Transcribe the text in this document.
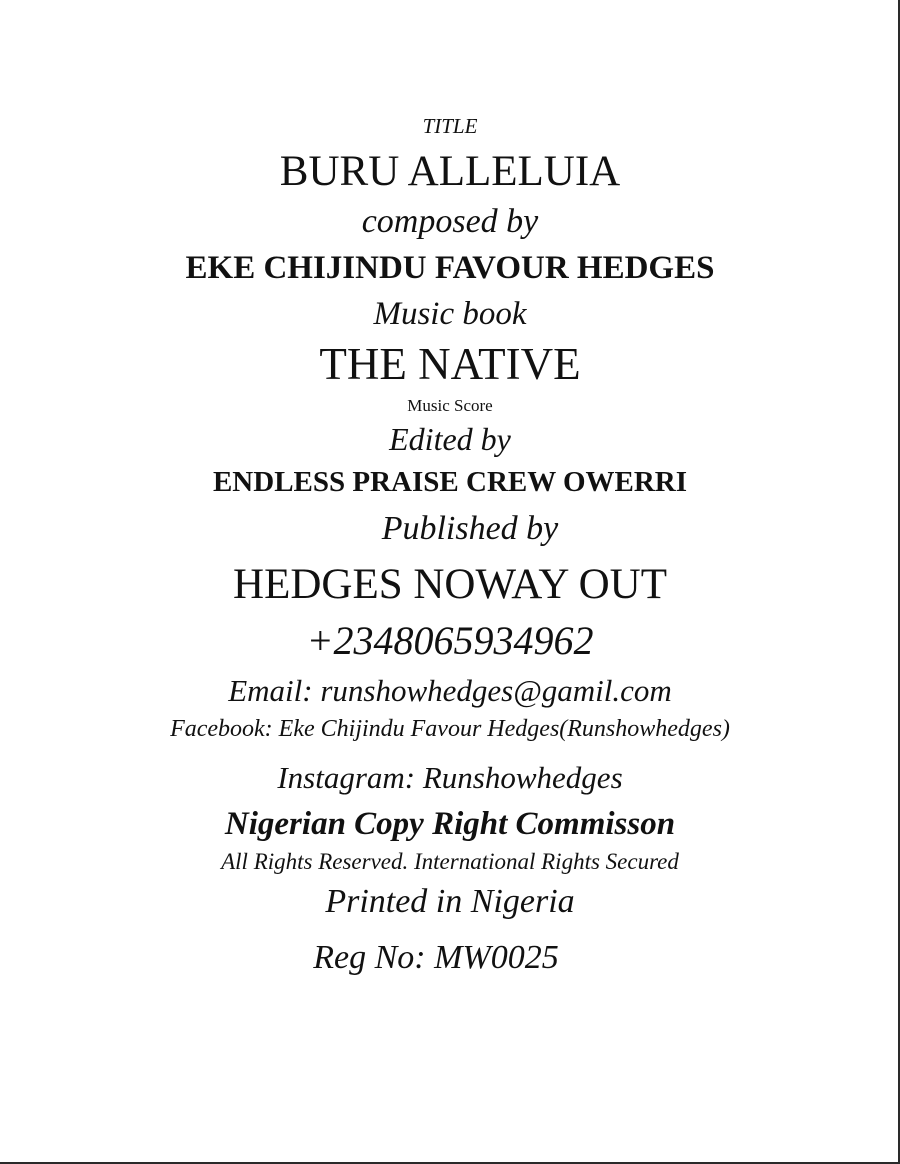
TITLE
BURU ALLELUIA
composed by
EKE CHIJINDU FAVOUR HEDGES
Music book
THE NATIVE
Music Score
Edited by
ENDLESS PRAISE CREW OWERRI
Published by
HEDGES NOWAY OUT
+2348065934962
Email: runshowhedges@gamil.com
Facebook: Eke Chijindu Favour Hedges(Runshowhedges)
Instagram: Runshowhedges
Nigerian Copy Right Commisson
All Rights Reserved. International Rights Secured
Printed in Nigeria
Reg No: MW0025
